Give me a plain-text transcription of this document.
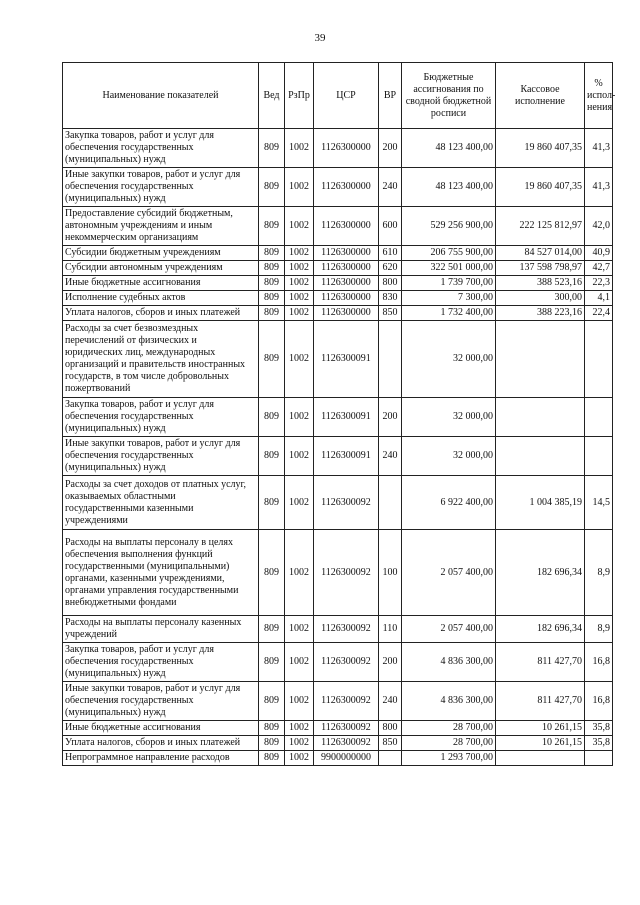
39
Наименование показателей	Вед	РзПр	ЦСР	ВР	Бюджетные ассигнования по сводной бюджетной росписи	Кассовое исполнение	% испол-нения
Закупка товаров, работ и услуг для обеспечения государственных (муниципальных) нужд	809	1002	1126300000	200	48 123 400,00	19 860 407,35	41,3
Иные закупки товаров, работ и услуг для обеспечения государственных (муниципальных) нужд	809	1002	1126300000	240	48 123 400,00	19 860 407,35	41,3
Предоставление субсидий бюджетным, автономным учреждениям и иным некоммерческим организациям	809	1002	1126300000	600	529 256 900,00	222 125 812,97	42,0
Субсидии бюджетным учреждениям	809	1002	1126300000	610	206 755 900,00	84 527 014,00	40,9
Субсидии автономным учреждениям	809	1002	1126300000	620	322 501 000,00	137 598 798,97	42,7
Иные бюджетные ассигнования	809	1002	1126300000	800	1 739 700,00	388 523,16	22,3
Исполнение судебных актов	809	1002	1126300000	830	7 300,00	300,00	4,1
Уплата налогов, сборов и иных платежей	809	1002	1126300000	850	1 732 400,00	388 223,16	22,4
Расходы за счет безвозмездных перечислений от физических и юридических лиц, международных организаций и правительств иностранных государств, в том числе добровольных пожертвований	809	1002	1126300091		32 000,00		
Закупка товаров, работ и услуг для обеспечения государственных (муниципальных) нужд	809	1002	1126300091	200	32 000,00		
Иные закупки товаров, работ и услуг для обеспечения государственных (муниципальных) нужд	809	1002	1126300091	240	32 000,00		
Расходы за счет доходов от платных услуг, оказываемых областными государственными казенными учреждениями	809	1002	1126300092		6 922 400,00	1 004 385,19	14,5
Расходы на выплаты персоналу в целях обеспечения выполнения функций государственными (муниципальными) органами, казенными учреждениями, органами управления государственными внебюджетными фондами	809	1002	1126300092	100	2 057 400,00	182 696,34	8,9
Расходы на выплаты персоналу казенных учреждений	809	1002	1126300092	110	2 057 400,00	182 696,34	8,9
Закупка товаров, работ и услуг для обеспечения государственных (муниципальных) нужд	809	1002	1126300092	200	4 836 300,00	811 427,70	16,8
Иные закупки товаров, работ и услуг для обеспечения государственных (муниципальных) нужд	809	1002	1126300092	240	4 836 300,00	811 427,70	16,8
Иные бюджетные ассигнования	809	1002	1126300092	800	28 700,00	10 261,15	35,8
Уплата налогов, сборов и иных платежей	809	1002	1126300092	850	28 700,00	10 261,15	35,8
Непрограммное направление расходов	809	1002	9900000000		1 293 700,00		
